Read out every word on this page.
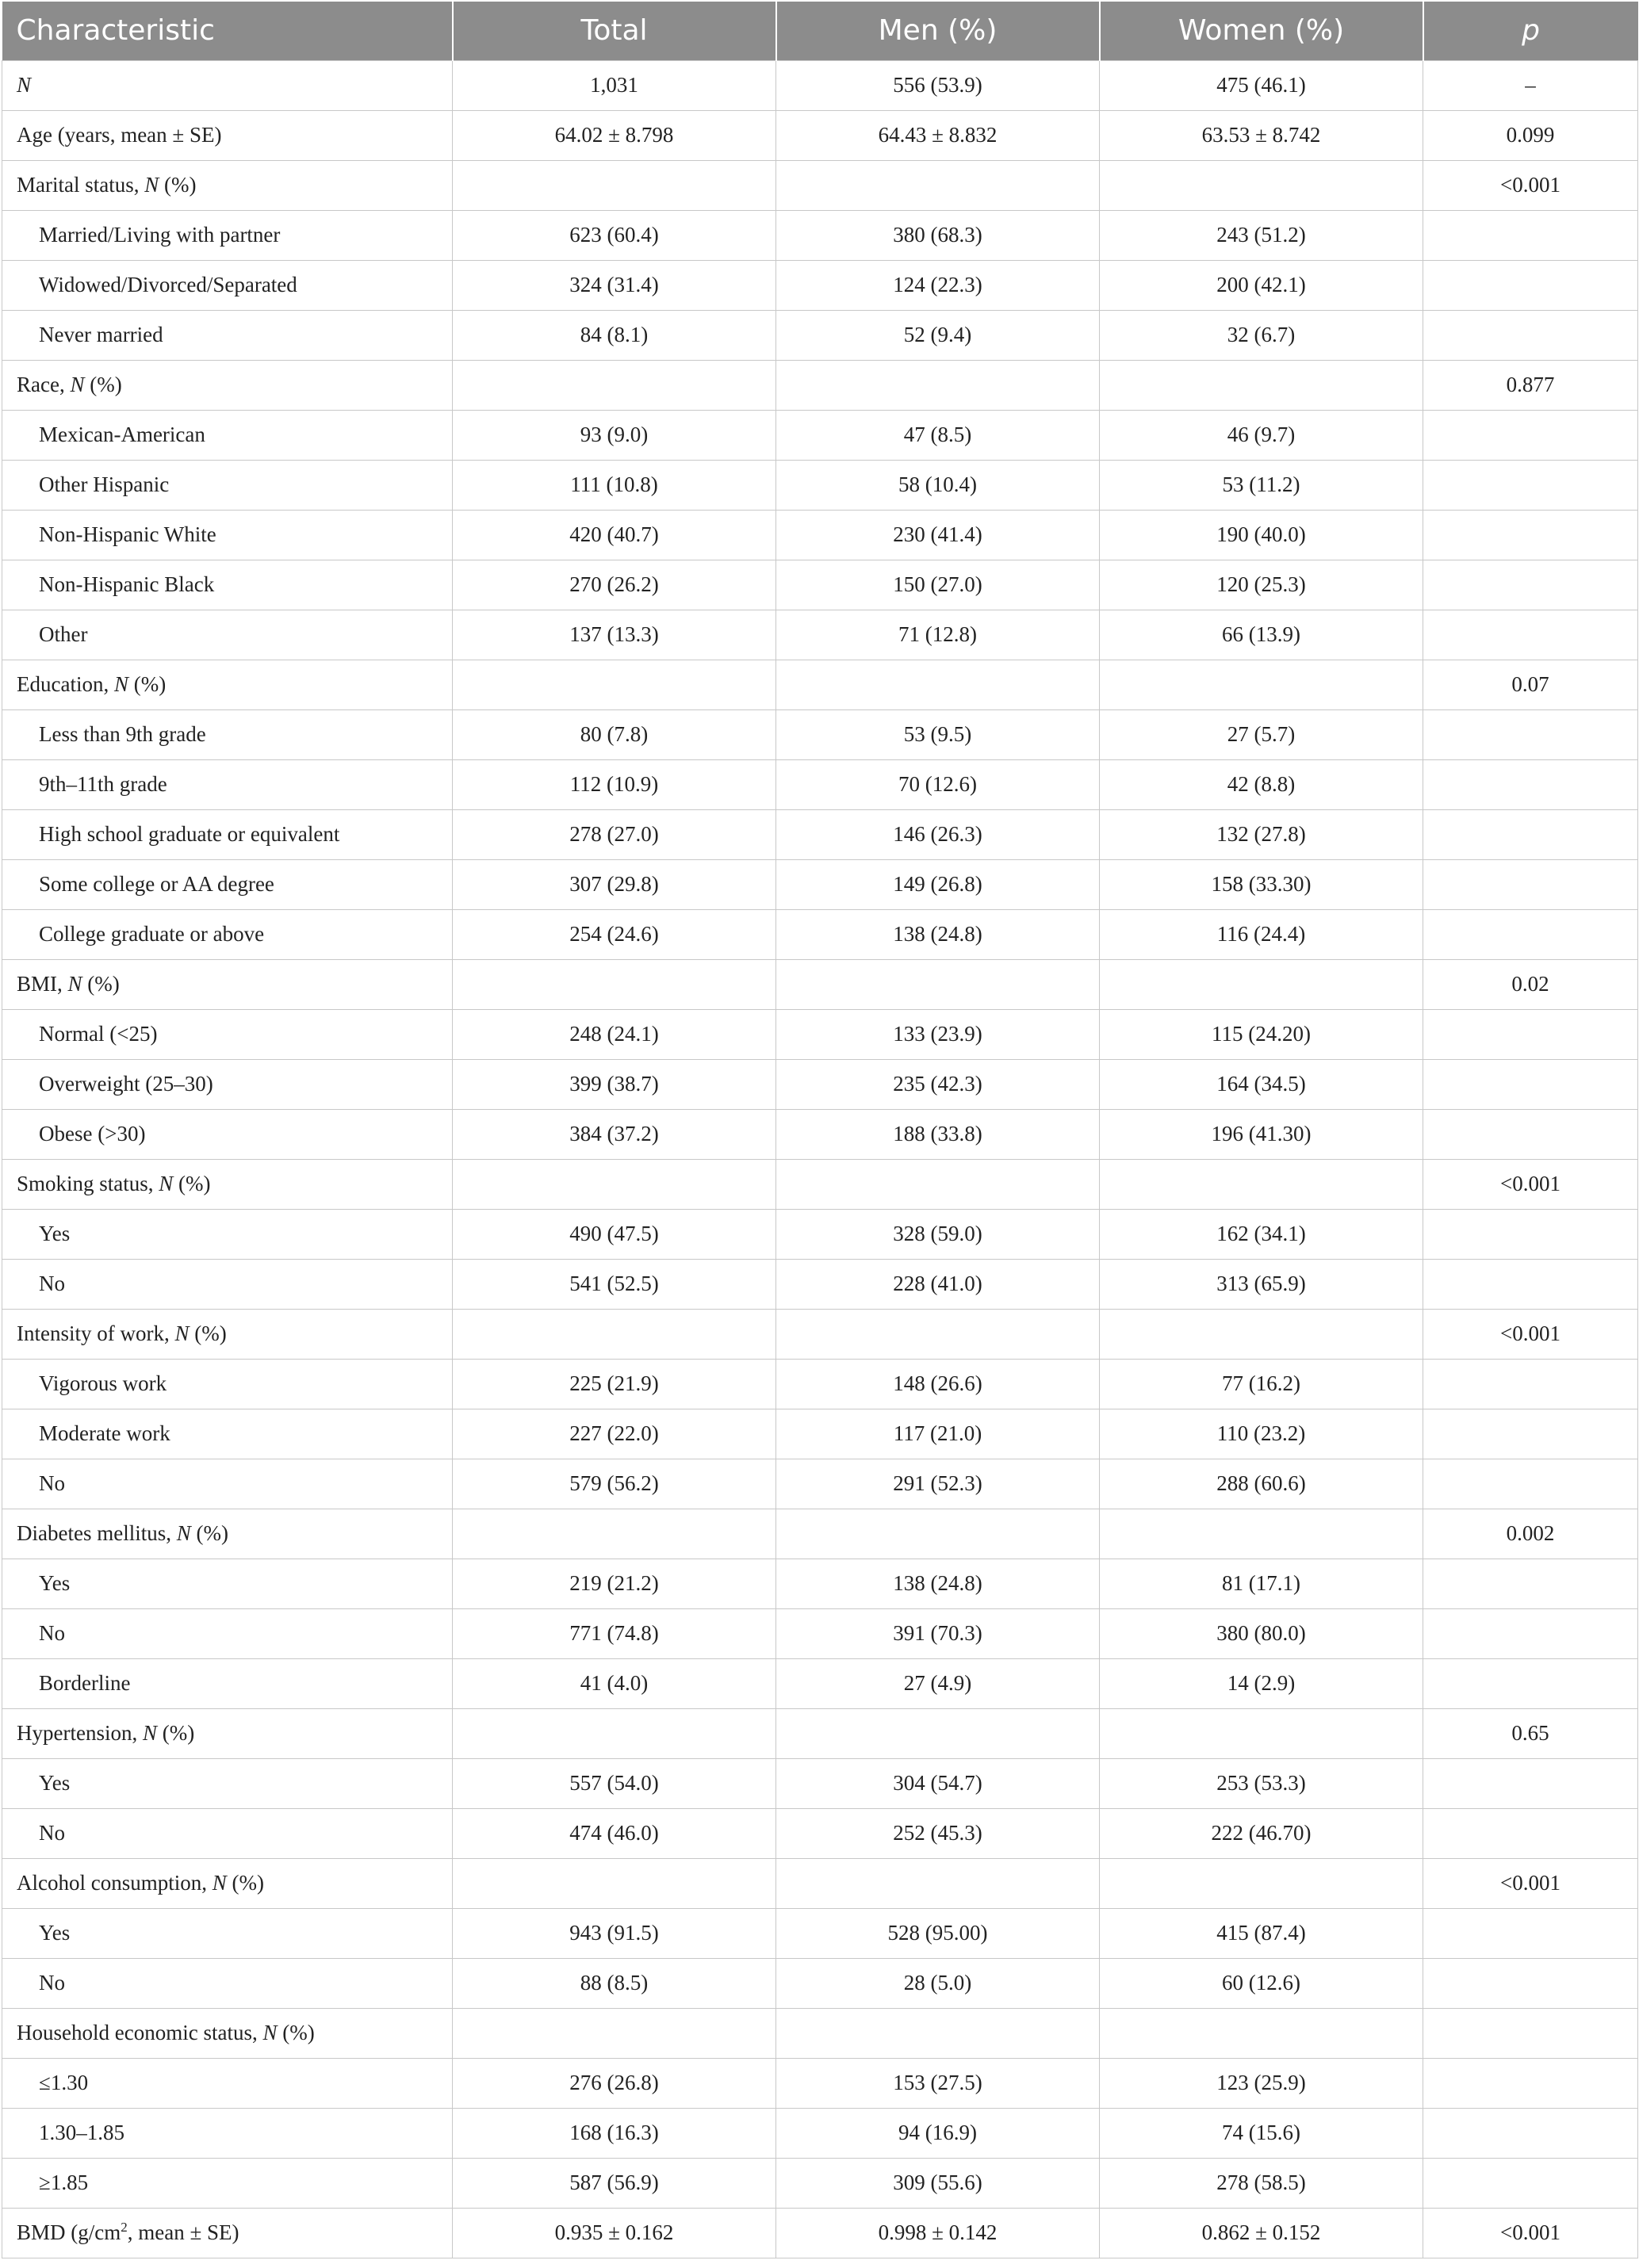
Characteristic	Total	Men (%)	Women (%)	p
N	1,031	556 (53.9)	475 (46.1)	–
Age (years, mean ± SE)	64.02 ± 8.798	64.43 ± 8.832	63.53 ± 8.742	0.099
Marital status, N (%)				<0.001
Married/Living with partner	623 (60.4)	380 (68.3)	243 (51.2)	
Widowed/Divorced/Separated	324 (31.4)	124 (22.3)	200 (42.1)	
Never married	84 (8.1)	52 (9.4)	32 (6.7)	
Race, N (%)				0.877
Mexican-American	93 (9.0)	47 (8.5)	46 (9.7)	
Other Hispanic	111 (10.8)	58 (10.4)	53 (11.2)	
Non-Hispanic White	420 (40.7)	230 (41.4)	190 (40.0)	
Non-Hispanic Black	270 (26.2)	150 (27.0)	120 (25.3)	
Other	137 (13.3)	71 (12.8)	66 (13.9)	
Education, N (%)				0.07
Less than 9th grade	80 (7.8)	53 (9.5)	27 (5.7)	
9th–11th grade	112 (10.9)	70 (12.6)	42 (8.8)	
High school graduate or equivalent	278 (27.0)	146 (26.3)	132 (27.8)	
Some college or AA degree	307 (29.8)	149 (26.8)	158 (33.30)	
College graduate or above	254 (24.6)	138 (24.8)	116 (24.4)	
BMI, N (%)				0.02
Normal (<25)	248 (24.1)	133 (23.9)	115 (24.20)	
Overweight (25–30)	399 (38.7)	235 (42.3)	164 (34.5)	
Obese (>30)	384 (37.2)	188 (33.8)	196 (41.30)	
Smoking status, N (%)				<0.001
Yes	490 (47.5)	328 (59.0)	162 (34.1)	
No	541 (52.5)	228 (41.0)	313 (65.9)	
Intensity of work, N (%)				<0.001
Vigorous work	225 (21.9)	148 (26.6)	77 (16.2)	
Moderate work	227 (22.0)	117 (21.0)	110 (23.2)	
No	579 (56.2)	291 (52.3)	288 (60.6)	
Diabetes mellitus, N (%)				0.002
Yes	219 (21.2)	138 (24.8)	81 (17.1)	
No	771 (74.8)	391 (70.3)	380 (80.0)	
Borderline	41 (4.0)	27 (4.9)	14 (2.9)	
Hypertension, N (%)				0.65
Yes	557 (54.0)	304 (54.7)	253 (53.3)	
No	474 (46.0)	252 (45.3)	222 (46.70)	
Alcohol consumption, N (%)				<0.001
Yes	943 (91.5)	528 (95.00)	415 (87.4)	
No	88 (8.5)	28 (5.0)	60 (12.6)	
Household economic status, N (%)				
≤1.30	276 (26.8)	153 (27.5)	123 (25.9)	
1.30–1.85	168 (16.3)	94 (16.9)	74 (15.6)	
≥1.85	587 (56.9)	309 (55.6)	278 (58.5)	
BMD ($g/cm^2$, mean ± SE)	0.935 ± 0.162	0.998 ± 0.142	0.862 ± 0.152	<0.001
